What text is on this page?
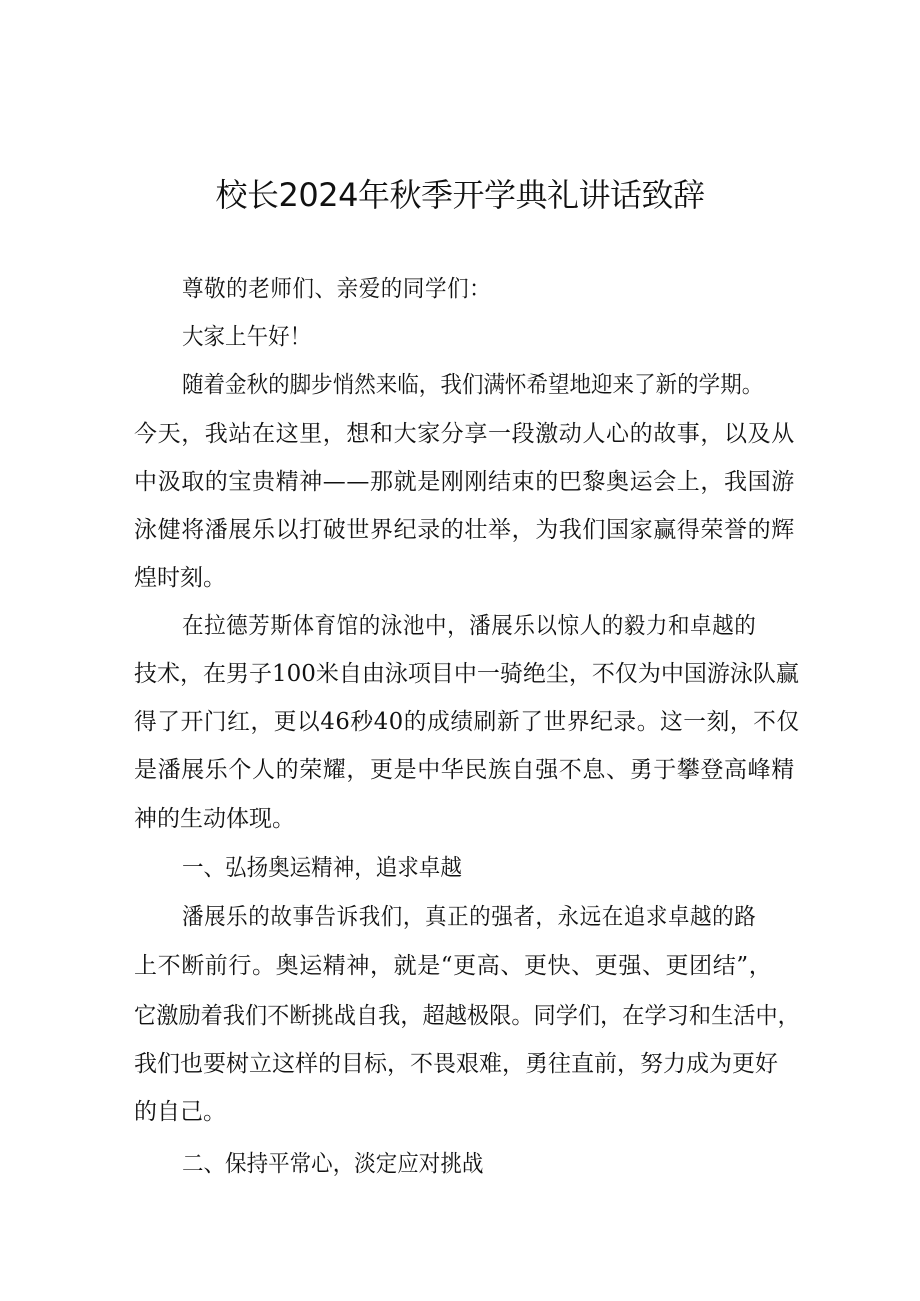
校长2024年秋季开学典礼讲话致辞

尊敬的老师们、亲爱的同学们：

大家上午好！

随着金秋的脚步悄然来临，我们满怀希望地迎来了新的学期。

今天，我站在这里，想和大家分享一段激动人心的故事，以及从

中汲取的宝贵精神——那就是刚刚结束的巴黎奥运会上，我国游

泳健将潘展乐以打破世界纪录的壮举，为我们国家赢得荣誉的辉

煌时刻。

在拉德芳斯体育馆的泳池中，潘展乐以惊人的毅力和卓越的

技术，在男子100米自由泳项目中一骑绝尘，不仅为中国游泳队赢

得了开门红，更以46秒40的成绩刷新了世界纪录。这一刻，不仅

是潘展乐个人的荣耀，更是中华民族自强不息、勇于攀登高峰精

神的生动体现。

一、弘扬奥运精神，追求卓越

潘展乐的故事告诉我们，真正的强者，永远在追求卓越的路

上不断前行。奥运精神，就是“更高、更快、更强、更团结”，

它激励着我们不断挑战自我，超越极限。同学们，在学习和生活中，

我们也要树立这样的目标，不畏艰难，勇往直前，努力成为更好

的自己。

二、保持平常心，淡定应对挑战
